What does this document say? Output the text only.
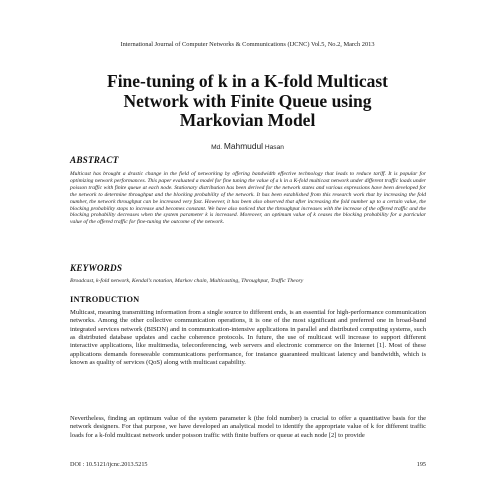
International Journal of Computer Networks & Communications (IJCNC) Vol.5, No.2, March 2013
Fine-tuning of k in a K-fold Multicast
Network with Finite Queue using
Markovian Model
Md. Mahmudul Hasan
ABSTRACT
Multicast has brought a drastic change in the field of networking by offering bandwidth effective technology that leads to reduce tariff. It is popular for optimizing network performances. This paper evaluated a model for fine tuning the value of a k in a K-fold multicast network under different traffic loads under poisson traffic with finite queue at each node. Stationary distribution has been derived for the network states and various expressions have been developed for the network to determine throughput and the blocking probability of the network. It has been established from this research work that by increasing the fold number, the network throughput can be increased very fast. However, it has been also observed that after increasing the fold number up to a certain value, the blocking probability stops to increase and becomes constant. We have also noticed that the throughput increases with the increase of the offered traffic and the blocking probability decreases when the system parameter k is increased. Moreover, an optimum value of k ceases the blocking probability for a particular value of the offered traffic for fine-tuning the outcome of the network.
KEYWORDS
Broadcast, k-fold network, Kendal’s notation, Markov chain, Multicasting, Throughput, Traffic Theory
INTRODUCTION
Multicast, meaning transmitting information from a single source to different ends, is an essential for high-performance communication networks. Among the other collective communication operations, it is one of the most significant and preferred one in broad-band integrated services network (BISDN) and in communication-intensive applications in parallel and distributed computing systems, such as distributed database updates and cache coherence protocols. In future, the use of multicast will increase to support different interactive applications, like multimedia, teleconferencing, web servers and electronic commerce on the Internet [1]. Most of these applications demands foreseeable communications performance, for instance guaranteed multicast latency and bandwidth, which is known as quality of services (QoS) along with multicast capability.
Nevertheless, finding an optimum value of the system parameter k (the fold number) is crucial to offer a quantitative basis for the network designers. For that purpose, we have developed an analytical model to identify the appropriate value of k for different traffic loads for a k-fold multicast network under poisson traffic with finite buffers or queue at each node [2] to provide
DOI : 10.5121/ijcnc.2013.5215	195
